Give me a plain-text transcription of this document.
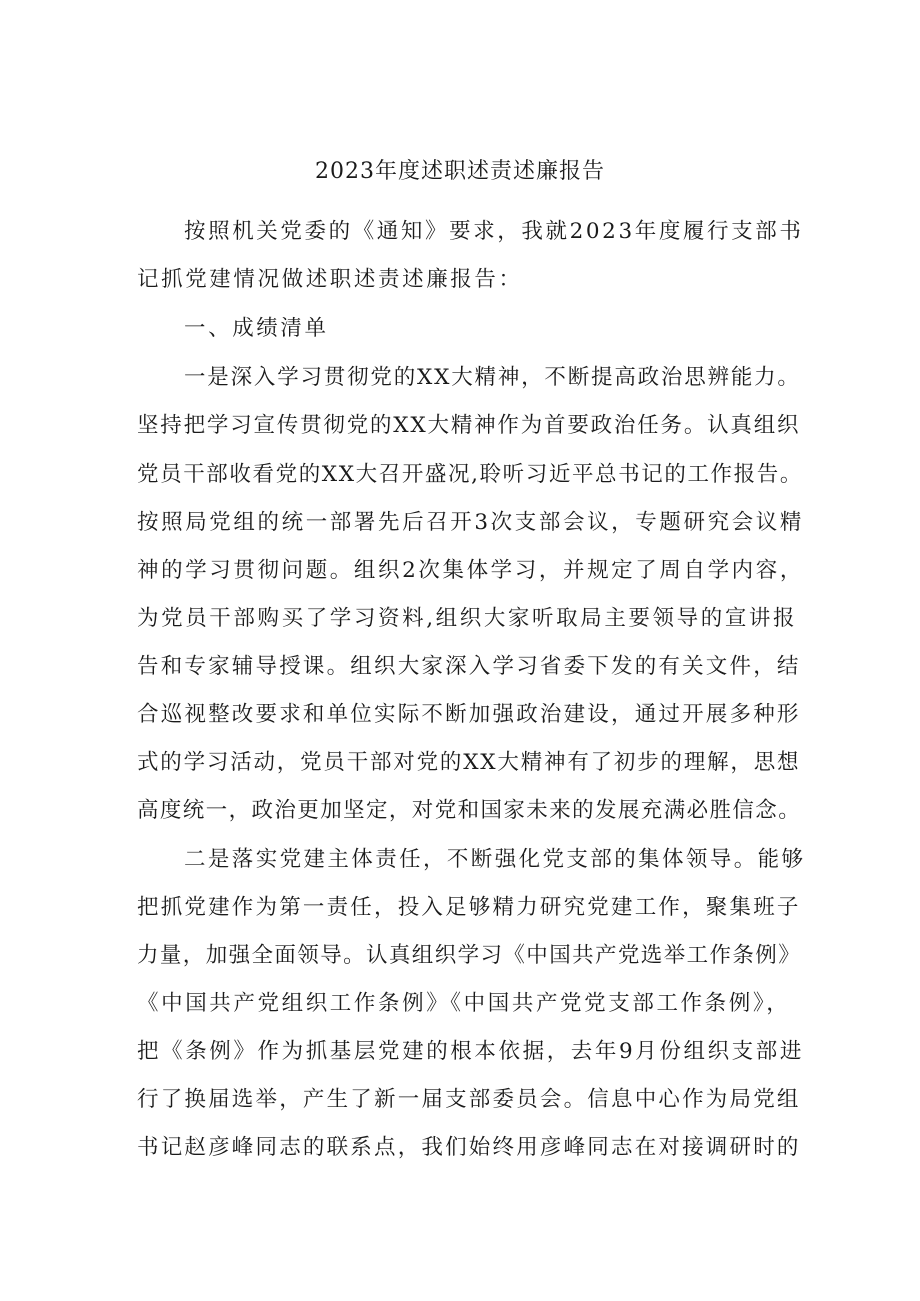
2023年度述职述责述廉报告
按照机关党委的《通知》要求，我就2023年度履行支部书
记抓党建情况做述职述责述廉报告：
一、成绩清单
一是深入学习贯彻党的XX大精神，不断提高政治思辨能力。
坚持把学习宣传贯彻党的XX大精神作为首要政治任务。认真组织
党员干部收看党的XX大召开盛况,聆听习近平总书记的工作报告。
按照局党组的统一部署先后召开3次支部会议，专题研究会议精
神的学习贯彻问题。组织2次集体学习，并规定了周自学内容，
为党员干部购买了学习资料,组织大家听取局主要领导的宣讲报
告和专家辅导授课。组织大家深入学习省委下发的有关文件，结
合巡视整改要求和单位实际不断加强政治建设，通过开展多种形
式的学习活动，党员干部对党的XX大精神有了初步的理解，思想
高度统一，政治更加坚定，对党和国家未来的发展充满必胜信念。
二是落实党建主体责任，不断强化党支部的集体领导。能够
把抓党建作为第一责任，投入足够精力研究党建工作，聚集班子
力量，加强全面领导。认真组织学习《中国共产党选举工作条例》
《中国共产党组织工作条例》《中国共产党党支部工作条例》，
把《条例》作为抓基层党建的根本依据，去年9月份组织支部进
行了换届选举，产生了新一届支部委员会。信息中心作为局党组
书记赵彦峰同志的联系点，我们始终用彦峰同志在对接调研时的
